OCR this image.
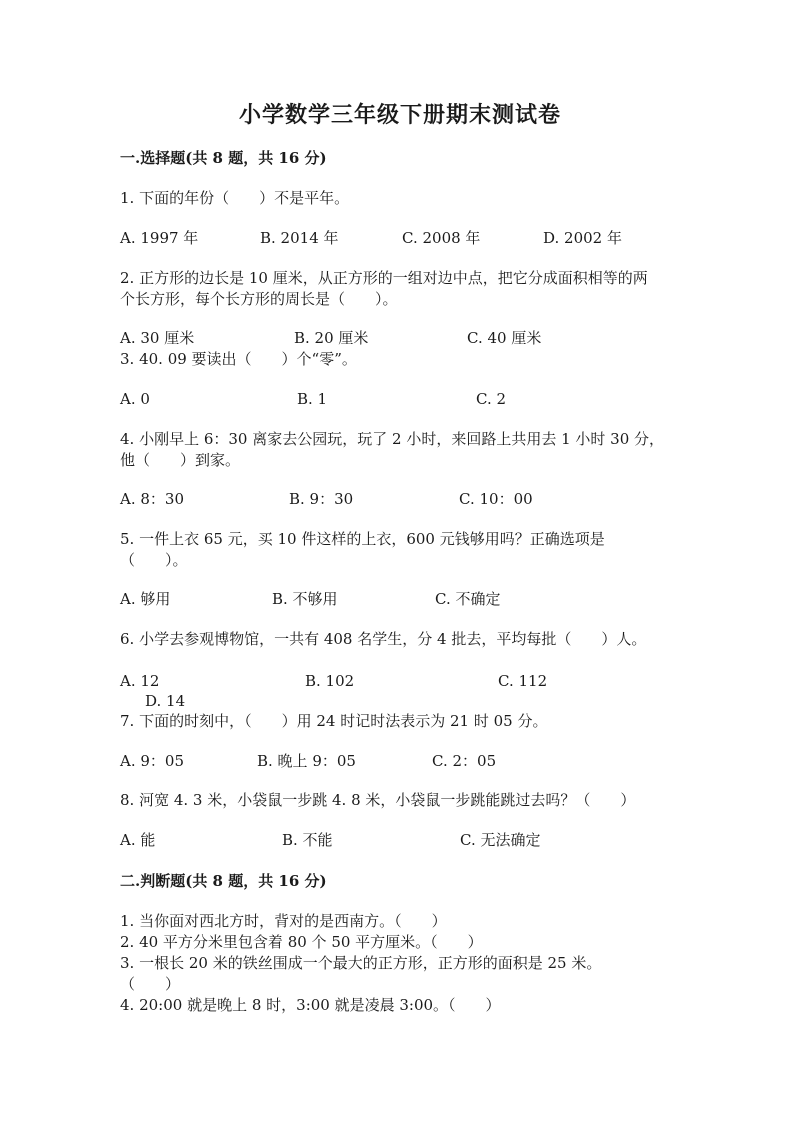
小学数学三年级下册期末测试卷
一.选择题(共 8 题，共 16 分)
1. 下面的年份（　　）不是平年。
A. 1997 年	B. 2014 年	C. 2008 年	D. 2002 年
2. 正方形的边长是 10 厘米，从正方形的一组对边中点，把它分成面积相等的两
个长方形，每个长方形的周长是（　　）。
A. 30 厘米	B. 20 厘米	C. 40 厘米
3. 40. 09 要读出（　　）个“零”。
A. 0	B. 1	C. 2
4. 小刚早上 6：30 离家去公园玩，玩了 2 小时，来回路上共用去 1 小时 30 分，
他（　　）到家。
A. 8：30	B. 9：30	C. 10：00
5. 一件上衣 65 元，买 10 件这样的上衣，600 元钱够用吗？正确选项是
（　　）。
A. 够用	B. 不够用	C. 不确定
6. 小学去参观博物馆，一共有 408 名学生，分 4 批去，平均每批（　　）人。
A. 12	B. 102	C. 112
D. 14
7. 下面的时刻中，（　　）用 24 时记时法表示为 21 时 05 分。
A. 9：05	B. 晚上 9：05	C. 2：05
8. 河宽 4. 3 米，小袋鼠一步跳 4. 8 米，小袋鼠一步跳能跳过去吗？（　　）
A. 能	B. 不能	C. 无法确定
二.判断题(共 8 题，共 16 分)
1. 当你面对西北方时，背对的是西南方。（　　）
2. 40 平方分米里包含着 80 个 50 平方厘米。（　　）
3. 一根长 20 米的铁丝围成一个最大的正方形，正方形的面积是 25 米。
（　　）
4. 20:00 就是晚上 8 时，3:00 就是凌晨 3:00。（　　）
